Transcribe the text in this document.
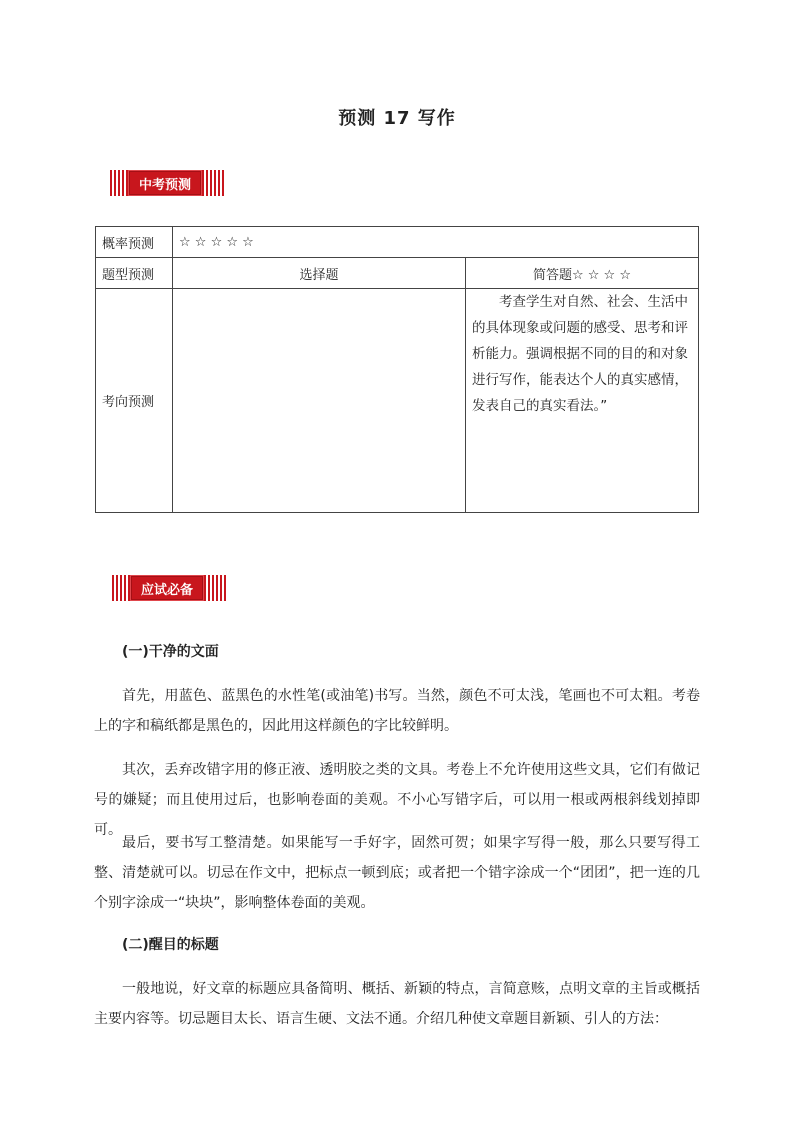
预测 17 写作
中考预测
概率预测	☆ ☆ ☆ ☆ ☆	
题型预测	选择题	简答题☆ ☆ ☆ ☆
考向预测		考查学生对自然、社会、生活中的具体现象或问题的感受、思考和评析能力。强调根据不同的目的和对象进行写作，能表达个人的真实感情，发表自己的真实看法。”
应试必备
(一)干净的文面
首先，用蓝色、蓝黑色的水性笔(或油笔)书写。当然，颜色不可太浅，笔画也不可太粗。考卷上的字和稿纸都是黑色的，因此用这样颜色的字比较鲜明。
其次，丢弃改错字用的修正液、透明胶之类的文具。考卷上不允许使用这些文具，它们有做记号的嫌疑；而且使用过后，也影响卷面的美观。不小心写错字后，可以用一根或两根斜线划掉即可。
最后，要书写工整清楚。如果能写一手好字，固然可贺；如果字写得一般，那么只要写得工整、清楚就可以。切忌在作文中，把标点一顿到底；或者把一个错字涂成一个“团团”，把一连的几个别字涂成一“块块”，影响整体卷面的美观。
(二)醒目的标题
一般地说，好文章的标题应具备简明、概括、新颖的特点，言简意赅，点明文章的主旨或概括主要内容等。切忌题目太长、语言生硬、文法不通。介绍几种使文章题目新颖、引人的方法：
